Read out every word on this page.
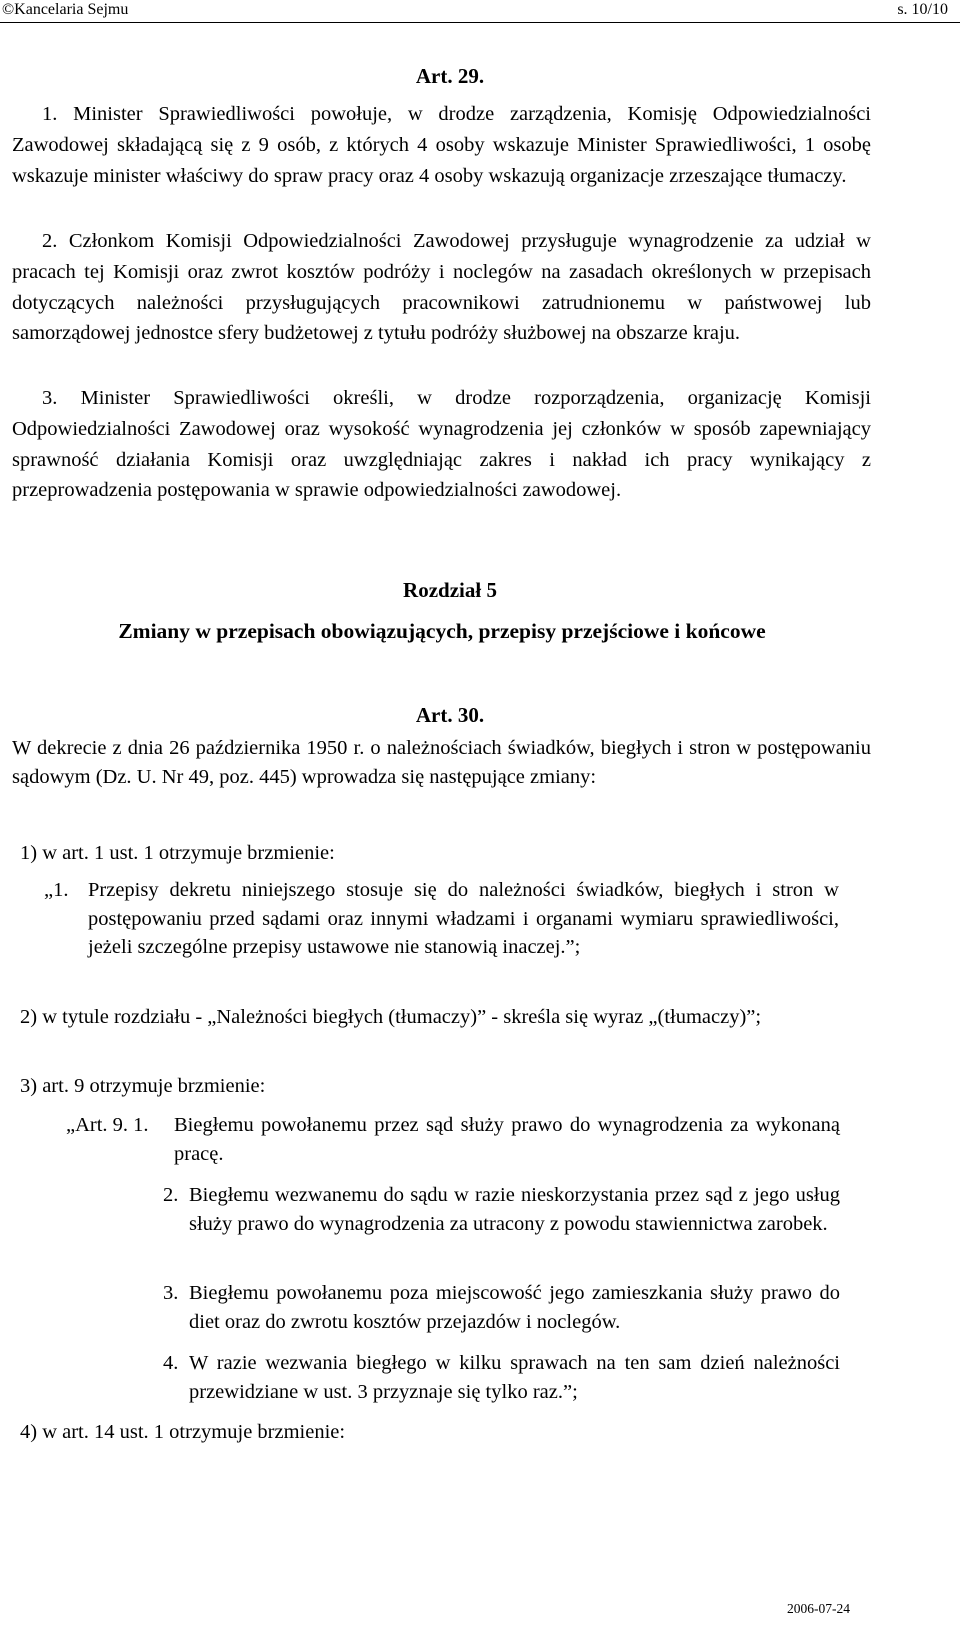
©Kancelaria Sejmu	s. 10/10
Art. 29.

1. Minister Sprawiedliwości powołuje, w drodze zarządzenia, Komisję Odpowiedzialności Zawodowej składającą się z 9 osób, z których 4 osoby wskazuje Minister Sprawiedliwości, 1 osobę wskazuje minister właściwy do spraw pracy oraz 4 osoby wskazują organizacje zrzeszające tłumaczy.

2. Członkom Komisji Odpowiedzialności Zawodowej przysługuje wynagrodzenie za udział w pracach tej Komisji oraz zwrot kosztów podróży i noclegów na zasadach określonych w przepisach dotyczących należności przysługujących pracownikowi zatrudnionemu w państwowej lub samorządowej jednostce sfery budżetowej z tytułu podróży służbowej na obszarze kraju.

3. Minister Sprawiedliwości określi, w drodze rozporządzenia, organizację Komisji Odpowiedzialności Zawodowej oraz wysokość wynagrodzenia jej członków w sposób zapewniający sprawność działania Komisji oraz uwzględniając zakres i nakład ich pracy wynikający z przeprowadzenia postępowania w sprawie odpowiedzialności zawodowej.

Rozdział 5
Zmiany w przepisach obowiązujących, przepisy przejściowe i końcowe
Art. 30.

W dekrecie z dnia 26 października 1950 r. o należnościach świadków, biegłych i stron w postępowaniu sądowym (Dz. U. Nr 49, poz. 445) wprowadza się następujące zmiany:

1) w art. 1 ust. 1 otrzymuje brzmienie:

„1. Przepisy dekretu niniejszego stosuje się do należności świadków, biegłych i stron w postępowaniu przed sądami oraz innymi władzami i organami wymiaru sprawiedliwości, jeżeli szczególne przepisy ustawowe nie stanowią inaczej.”;

2) w tytule rozdziału - „Należności biegłych (tłumaczy)” - skreśla się wyraz „(tłumaczy)”;

3) art. 9 otrzymuje brzmienie:

„Art. 9. 1.	Biegłemu powołanemu przez sąd służy prawo do wynagrodzenia za wykonaną pracę.

2. Biegłemu wezwanemu do sądu w razie nieskorzystania przez sąd z jego usług służy prawo do wynagrodzenia za utracony z powodu stawiennictwa zarobek.

3. Biegłemu powołanemu poza miejscowość jego zamieszkania służy prawo do diet oraz do zwrotu kosztów przejazdów i noclegów.

4. W razie wezwania biegłego w kilku sprawach na ten sam dzień należności przewidziane w ust. 3 przyznaje się tylko raz.”;

4) w art. 14 ust. 1 otrzymuje brzmienie:

2006-07-24
